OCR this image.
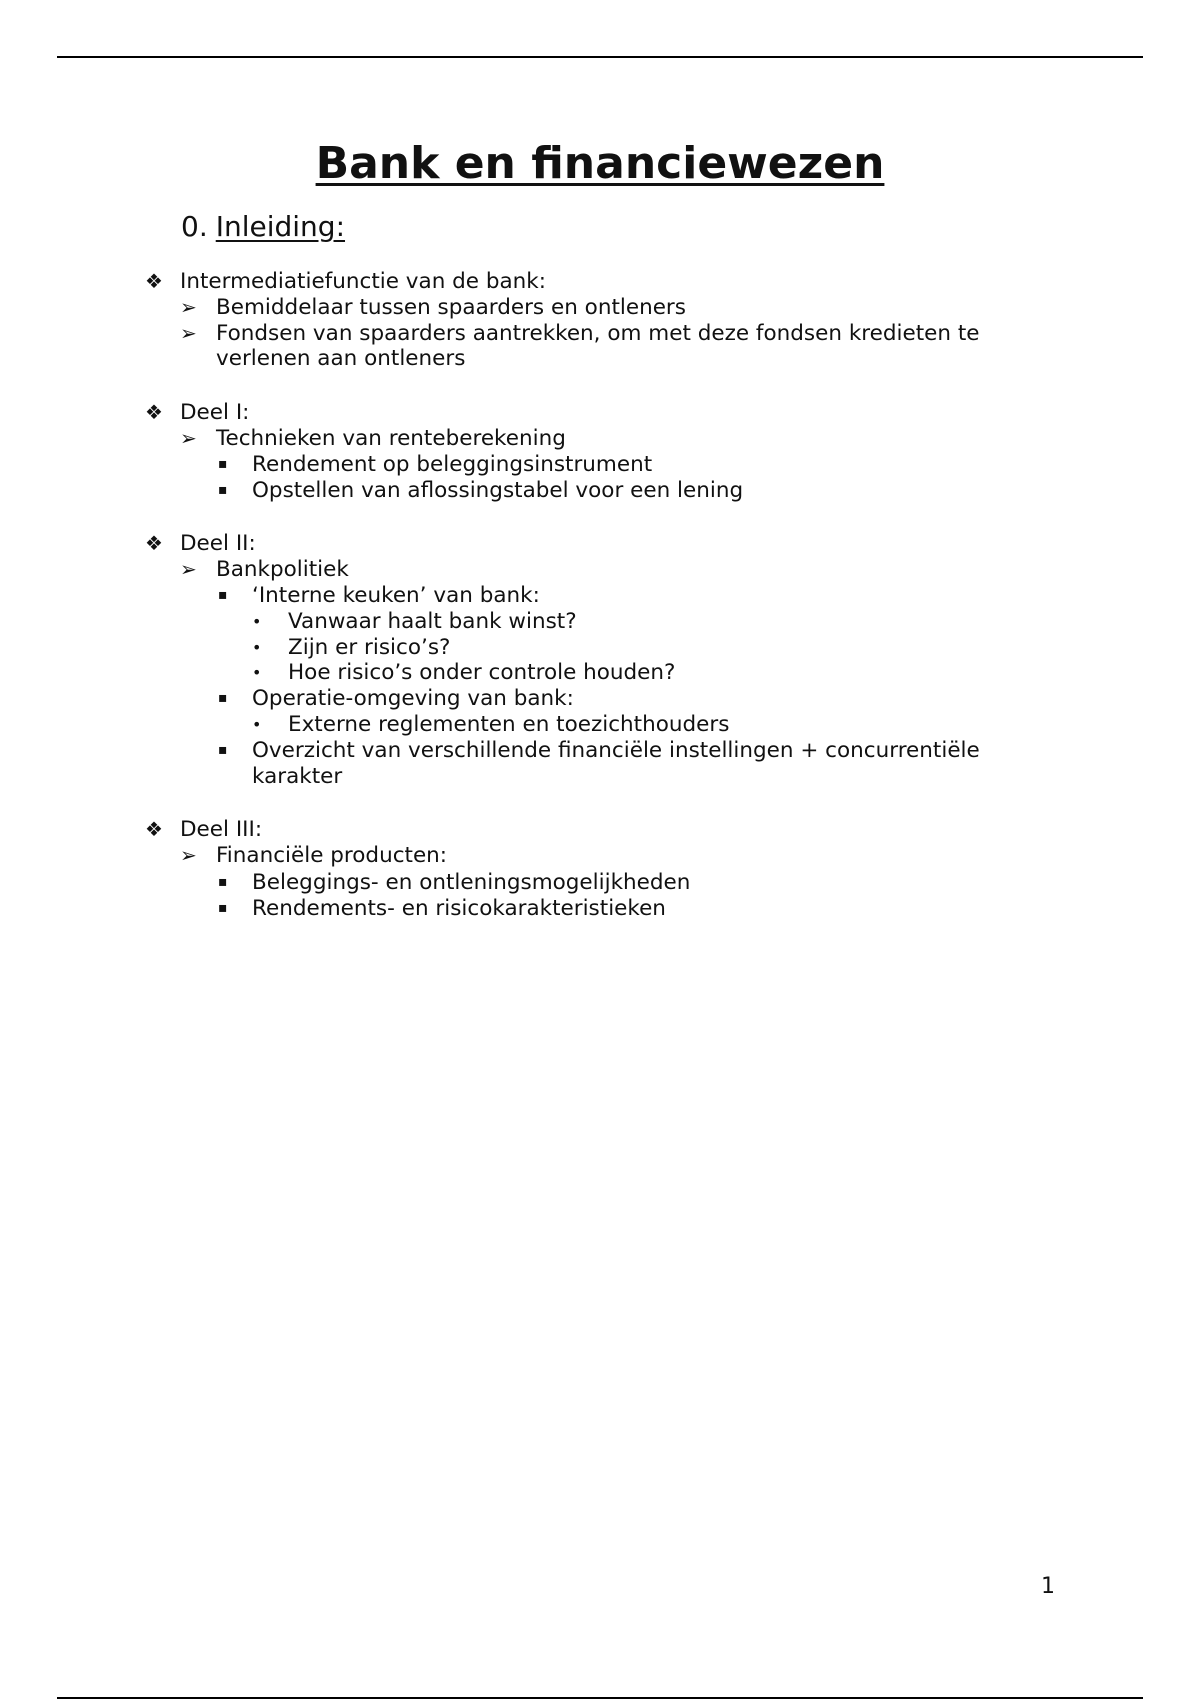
Bank en financiewezen
0. Inleiding:
❖ Intermediatiefunctie van de bank:
➢ Bemiddelaar tussen spaarders en ontleners
➢ Fondsen van spaarders aantrekken, om met deze fondsen kredieten te
verlenen aan ontleners
❖ Deel I:
➢ Technieken van renteberekening
▪ Rendement op beleggingsinstrument
▪ Opstellen van aflossingstabel voor een lening
❖ Deel II:
➢ Bankpolitiek
▪ ‘Interne keuken’ van bank:
• Vanwaar haalt bank winst?
• Zijn er risico’s?
• Hoe risico’s onder controle houden?
▪ Operatie-omgeving van bank:
• Externe reglementen en toezichthouders
▪ Overzicht van verschillende financiële instellingen + concurrentiële
karakter
❖ Deel III:
➢ Financiële producten:
▪ Beleggings- en ontleningsmogelijkheden
▪ Rendements- en risicokarakteristieken
1
